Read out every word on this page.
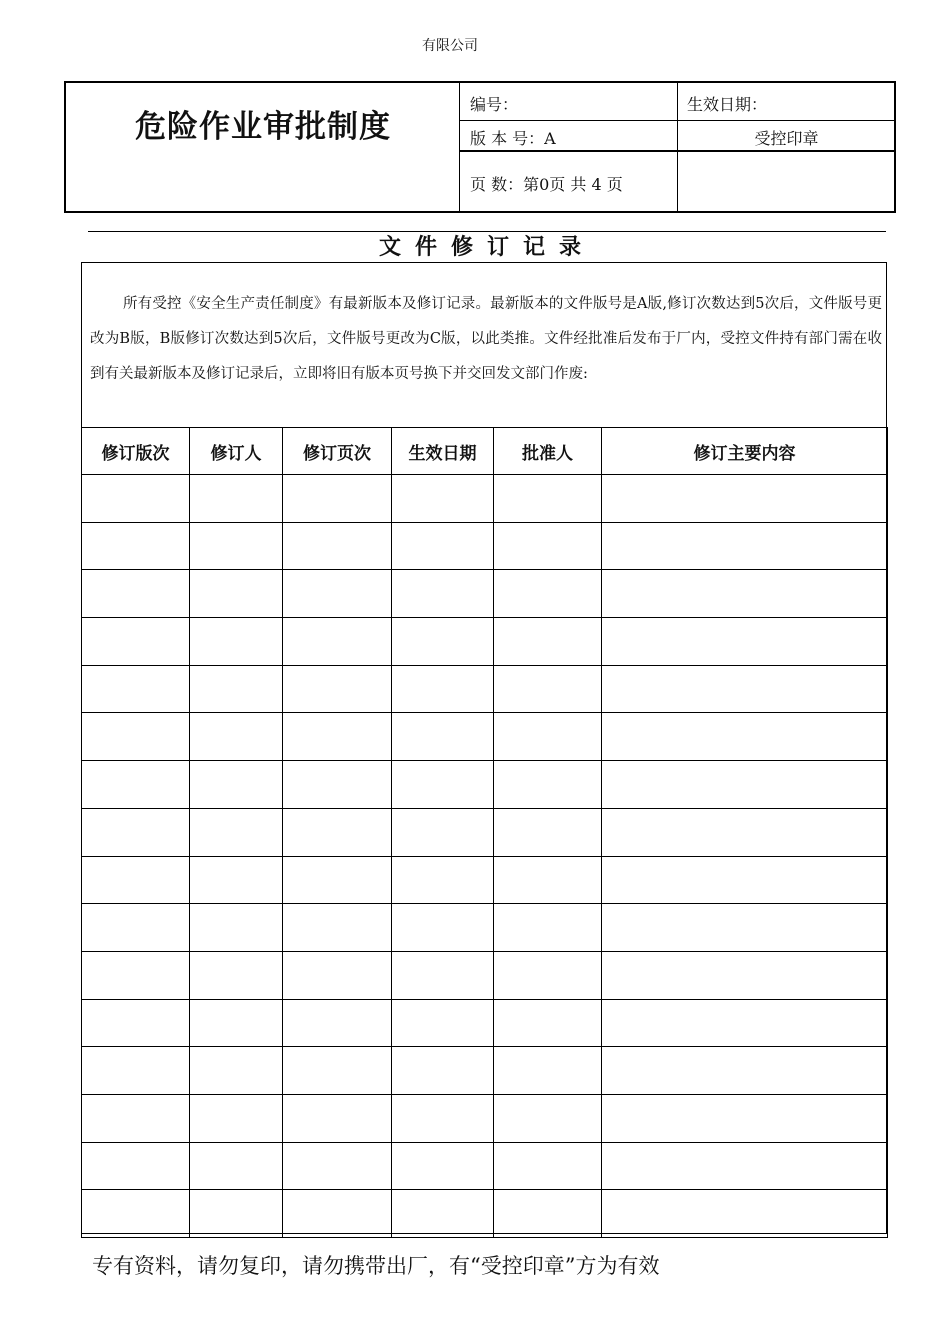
有限公司
危险作业审批制度
编号：	生效日期：
版 本 号：A	受控印章
页 数：第0页 共 4 页
文件修订记录
所有受控《安全生产责任制度》有最新版本及修订记录。最新版本的文件版号是A版,修订次数达到5次后，文件版号更改为B版，B版修订次数达到5次后，文件版号更改为C版，以此类推。文件经批准后发布于厂内，受控文件持有部门需在收到有关最新版本及修订记录后，立即将旧有版本页号换下并交回发文部门作废:
修订版次	修订人	修订页次	生效日期	批准人	修订主要内容

专有资料，请勿复印，请勿携带出厂，有“受控印章”方为有效
